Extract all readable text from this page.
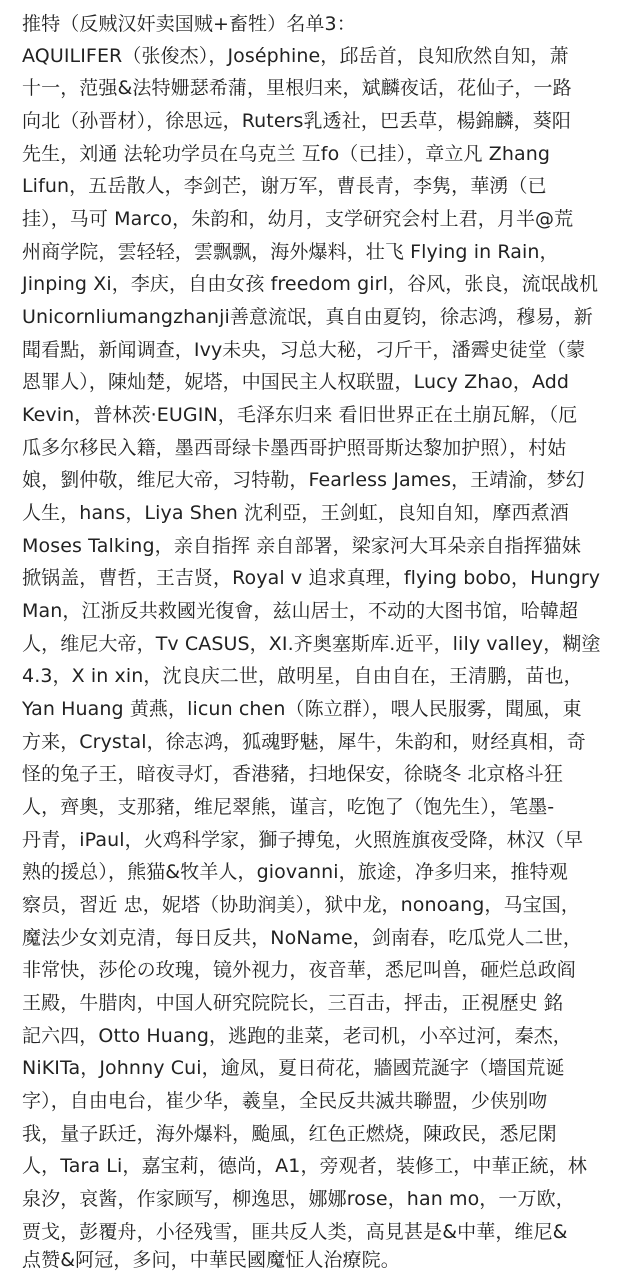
推特（反贼汉奸卖国贼+畜牲）名单3：
AQUILIFER（张俊杰），Joséphine，邱岳首，良知欣然自知，萧
十一，范强&法特姗瑟希蒲，里根归来，斌麟夜话，花仙子，一路
向北（孙晋材），徐思远，Ruters乳透社，巴丢草，楊錦麟，葵阳
先生，刘通 法轮功学员在乌克兰 互fo（已挂），章立凡 Zhang
Lifun，五岳散人，李剑芒，谢万军，曹長青，李隽，華湧（已
挂），马可 Marco，朱韵和，幼月，支学研究会村上君，月半@荒
州商学院，雲轻轻，雲飘飘，海外爆料，壮飞 Flying in Rain，
Jinping Xi，李庆，自由女孩 freedom girl，谷风，张良，流氓战机
Unicornliumangzhanji善意流氓，真自由夏钧，徐志鸿，穆易，新
聞看點，新闻调查，Ivy未央，习总大秘，刁斤干，潘霽史徒堂（蒙
恩罪人），陳灿楚，妮塔，中国民主人权联盟，Lucy Zhao，Add
Kevin，普林茨·EUGIN，毛泽东归来 看旧世界正在土崩瓦解，（厄
瓜多尔移民入籍，墨西哥绿卡墨西哥护照哥斯达黎加护照），村姑
娘，劉仲敬，维尼大帝，习特勒，Fearless James，王靖渝，梦幻
人生，hans，Liya Shen 沈利亞，王剑虹，良知自知，摩西煮酒
Moses Talking，亲自指挥 亲自部署，梁家河大耳朵亲自指挥猫妹
掀锅盖，曹哲，王吉贤，Royal v 追求真理，flying bobo，Hungry
Man，江浙反共救國光復會，兹山居士，不动的大图书馆，哈韓超
人，维尼大帝，Tv CASUS，XI.齐奥塞斯库.近平，lily valley，糊塗
4.3，X in xin，沈良庆二世，啟明星，自由自在，王清鹏，苗也，
Yan Huang 黄燕，licun chen（陈立群），喂人民服雾，聞風，東
方来，Crystal，徐志鸿，狐魂野魅，犀牛，朱韵和，财经真相，奇
怪的兔子王，暗夜寻灯，香港豬，扫地保安，徐晓冬 北京格斗狂
人，齊奧，支那豬，维尼翠熊，谨言，吃饱了（饱先生），笔墨-
丹青，iPaul，火鸡科学家，獅子搏兔，火照旌旗夜受降，林汉（早
熟的援总），熊猫&牧羊人，giovanni，旅途，净多归来，推特观
察员，習近 忠，妮塔（协助润美），狱中龙，nonoang，马宝国，
魔法少女刘克清，每日反共，NoName，剑南春，吃瓜党人二世，
非常快，莎伦の玫瑰，镜外视力，夜音華，悉尼叫兽，砸烂总政阎
王殿，牛腊肉，中国人研究院院长，三百击，抨击，正視歷史 銘
記六四，Otto Huang，逃跑的韭菜，老司机，小卒过河，秦杰，
NiKITa，Johnny Cui，逾凤，夏日荷花，牆國荒誕字（墻国荒诞
字），自由电台，崔少华，羲皇，全民反共滅共聯盟，少侠别吻
我，量子跃迁，海外爆料，颱風，红色正燃烧，陳政民，悉尼閑
人，Tara Li，嘉宝莉，德尚，A1，旁观者，装修工，中華正統，林
泉汐，哀酱，作家顾写，柳逸思，娜娜rose，han mo，一万欧，
贾戈，彭覆舟，小径残雪，匪共反人类，高見甚是&中華，维尼&
点赞&阿冠，多问，中華民國魔怔人治療院。
